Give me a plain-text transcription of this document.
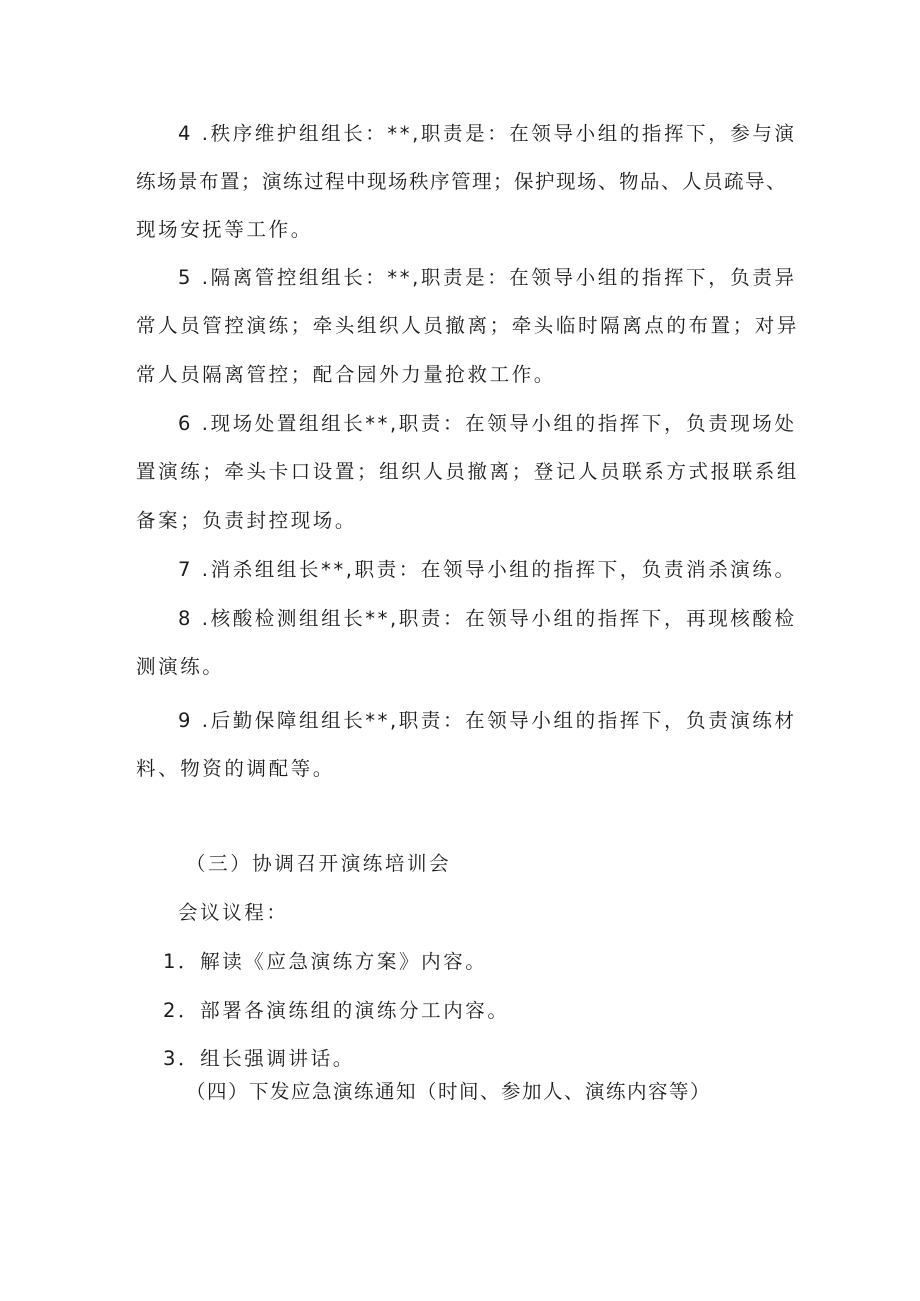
4 .秩序维护组组长：**,职责是：在领导小组的指挥下，参与演
练场景布置；演练过程中现场秩序管理；保护现场、物品、人员疏导、
现场安抚等工作。
5 .隔离管控组组长：**,职责是：在领导小组的指挥下，负责异
常人员管控演练；牵头组织人员撤离；牵头临时隔离点的布置；对异
常人员隔离管控；配合园外力量抢救工作。
6 .现场处置组组长**,职责：在领导小组的指挥下，负责现场处
置演练；牵头卡口设置；组织人员撤离；登记人员联系方式报联系组
备案；负责封控现场。
7 .消杀组组长**,职责：在领导小组的指挥下，负责消杀演练。
8 .核酸检测组组长**,职责：在领导小组的指挥下，再现核酸检
测演练。
9 .后勤保障组组长**,职责：在领导小组的指挥下，负责演练材
料、物资的调配等。
（三）协调召开演练培训会
会议议程：
1．解读《应急演练方案》内容。
2．部署各演练组的演练分工内容。
3．组长强调讲话。
（四）下发应急演练通知（时间、参加人、演练内容等）
